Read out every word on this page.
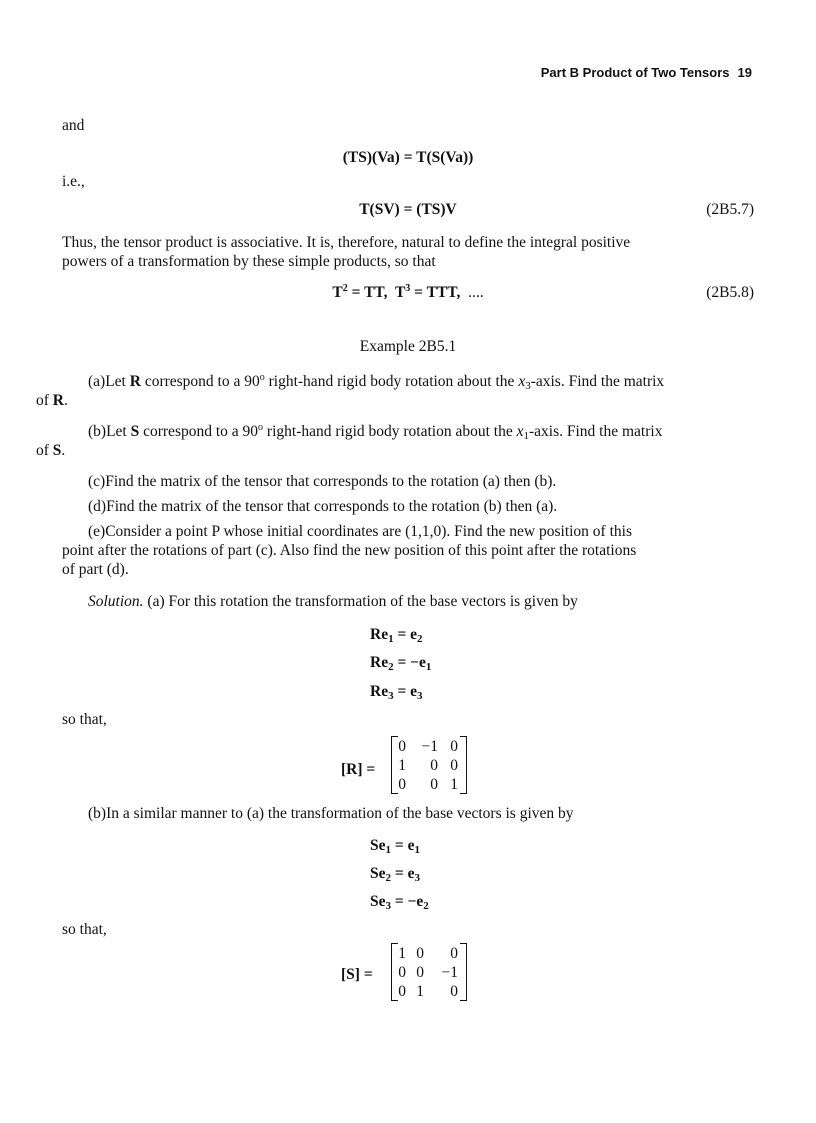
Part B Product of Two Tensors 19
and
(TS)(Va) = T(S(Va))
i.e.,
T(SV) = (TS)V	(2B5.7)
Thus, the tensor product is associative. It is, therefore, natural to define the integral positive
powers of a transformation by these simple products, so that
$T^2$ = TT,  $T^3$ = TTT,  ....	(2B5.8)
Example 2B5.1
(a)Let R correspond to a 90$^o$ right-hand rigid body rotation about the $x_3$-axis. Find the matrix
of R.
(b)Let S correspond to a 90$^o$ right-hand rigid body rotation about the $x_1$-axis. Find the matrix
of S.
(c)Find the matrix of the tensor that corresponds to the rotation (a) then (b).
(d)Find the matrix of the tensor that corresponds to the rotation (b) then (a).
(e)Consider a point P whose initial coordinates are (1,1,0). Find the new position of this
point after the rotations of part (c). Also find the new position of this point after the rotations
of part (d).
Solution. (a) For this rotation the transformation of the base vectors is given by
$Re_1 = e_2$
$Re_2 = -e_1$
$Re_3 = e_3$
so that,
[R] =
0	−1 0
1	0 0
0	0 1
(b)In a similar manner to (a) the transformation of the base vectors is given by
$Se_1 = e_1$
$Se_2 = e_3$
$Se_3 = -e_2$
so that,
[S] =
1 0	0
0 0	−1
0 1	0
